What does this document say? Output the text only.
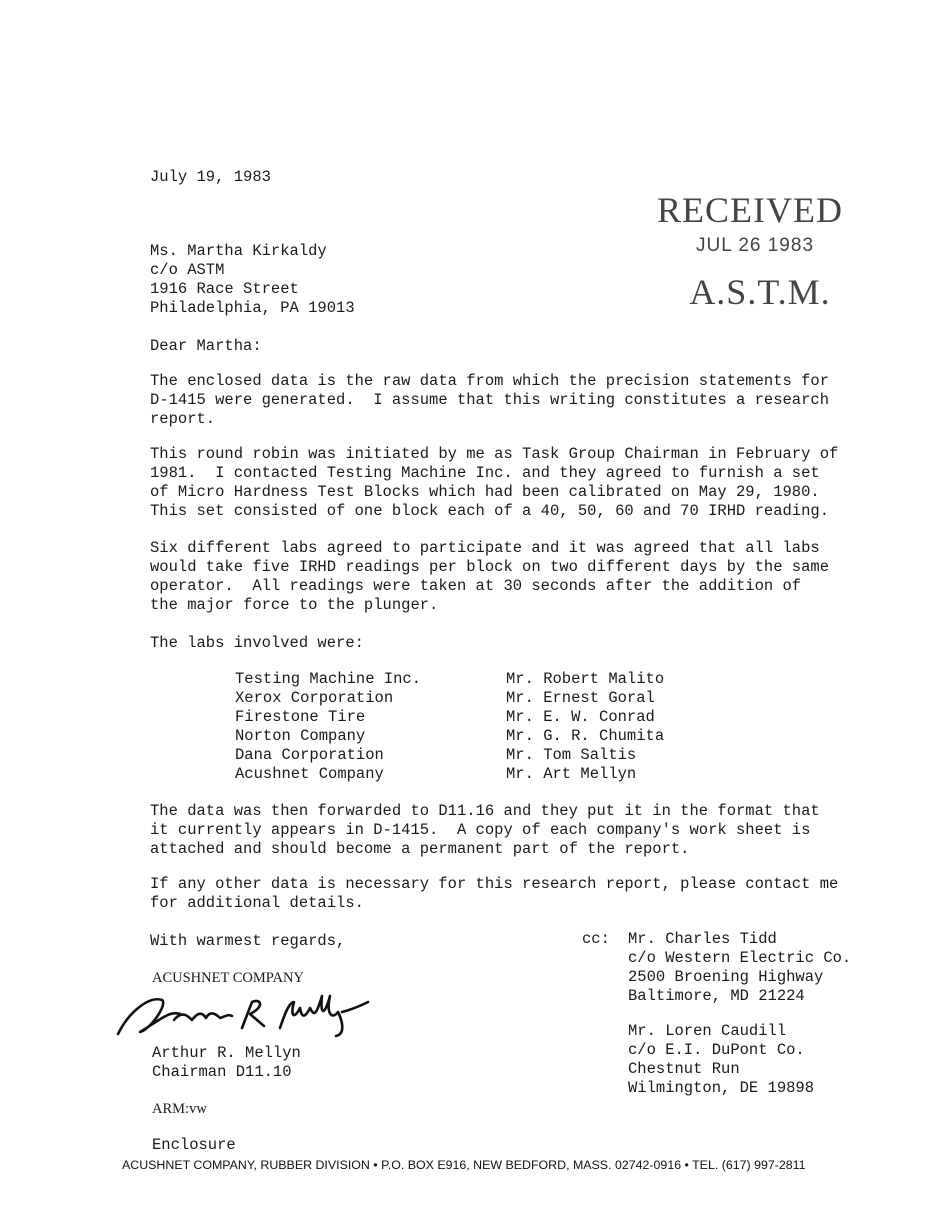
July 19, 1983
RECEIVED
JUL 26 1983
A.S.T.M.
Ms. Martha Kirkaldy
c/o ASTM
1916 Race Street
Philadelphia, PA 19013
Dear Martha:
The enclosed data is the raw data from which the precision statements for
D-1415 were generated.  I assume that this writing constitutes a research
report.
This round robin was initiated by me as Task Group Chairman in February of
1981.  I contacted Testing Machine Inc. and they agreed to furnish a set
of Micro Hardness Test Blocks which had been calibrated on May 29, 1980.
This set consisted of one block each of a 40, 50, 60 and 70 IRHD reading.
Six different labs agreed to participate and it was agreed that all labs
would take five IRHD readings per block on two different days by the same
operator.  All readings were taken at 30 seconds after the addition of
the major force to the plunger.
The labs involved were:
Testing Machine Inc.
Xerox Corporation
Firestone Tire
Norton Company
Dana Corporation
Acushnet Company
Mr. Robert Malito
Mr. Ernest Goral
Mr. E. W. Conrad
Mr. G. R. Chumita
Mr. Tom Saltis
Mr. Art Mellyn
The data was then forwarded to D11.16 and they put it in the format that
it currently appears in D-1415.  A copy of each company's work sheet is
attached and should become a permanent part of the report.
If any other data is necessary for this research report, please contact me
for additional details.
With warmest regards,
ACUSHNET COMPANY
Arthur R. Mellyn
Chairman D11.10
ARM:vw
Enclosure
cc: Mr. Charles Tidd
c/o Western Electric Co.
2500 Broening Highway
Baltimore, MD 21224
Mr. Loren Caudill
c/o E.I. DuPont Co.
Chestnut Run
Wilmington, DE 19898
ACUSHNET COMPANY, RUBBER DIVISION • P.O. BOX E916, NEW BEDFORD, MASS. 02742-0916 • TEL. (617) 997-2811
